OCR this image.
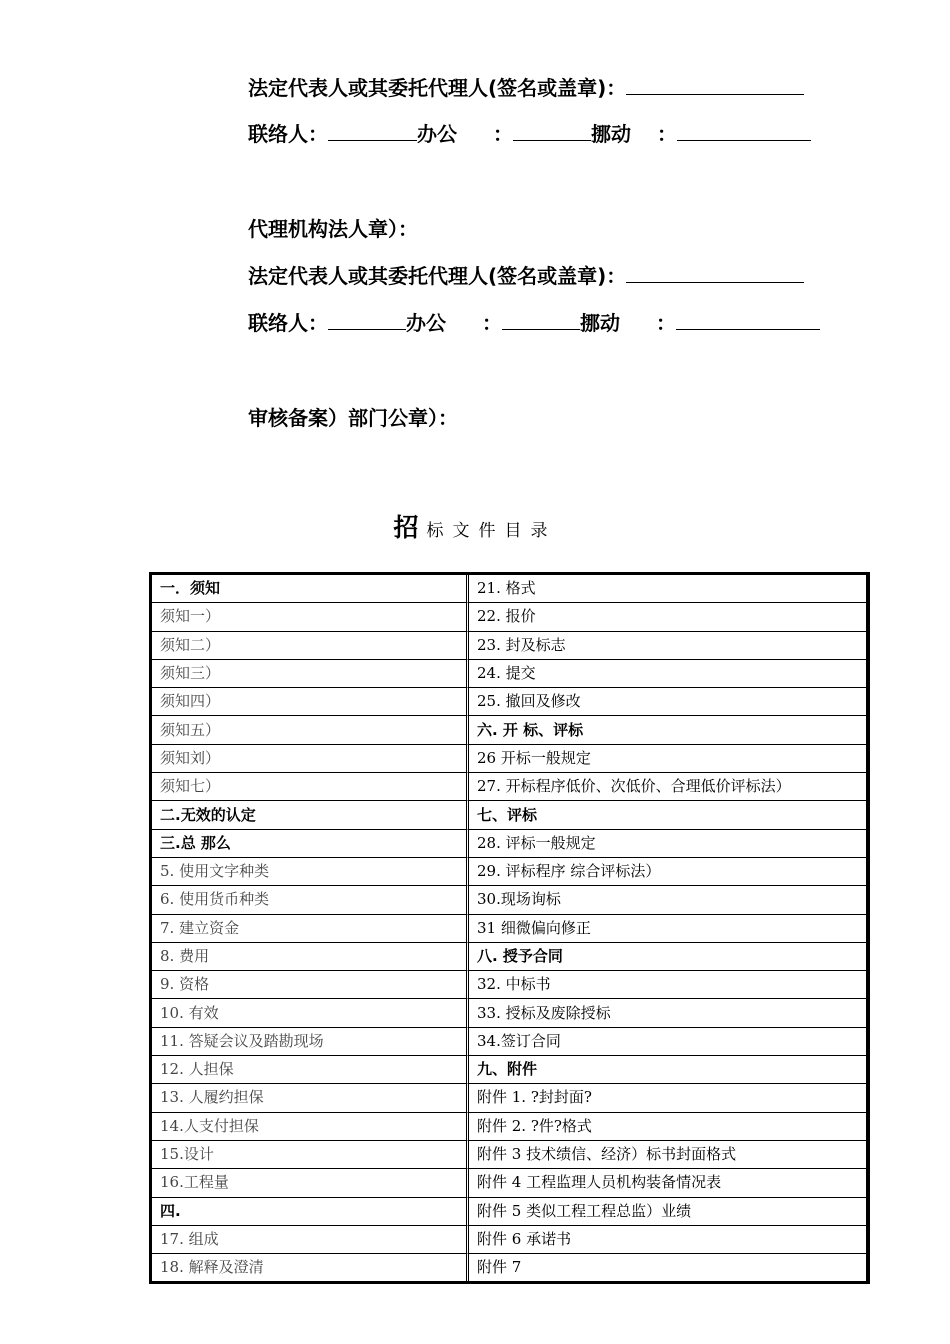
法定代表人或其委托代理人(签名或盖章)：
联络人：	办公 ：	挪动 ：
代理机构法人章）：
法定代表人或其委托代理人(签名或盖章)：
联络人：	办公 ：	挪动 ：
审核备案）部门公章）：
招 标文件目录
一．须知	21. 格式
须知一）	22. 报价
须知二）	23. 封及标志
须知三）	24. 提交
须知四）	25. 撤回及修改
须知五）	六. 开 标、评标
须知刘）	26 开标一般规定
须知七）	27. 开标程序低价、次低价、合理低价评标法）
二.无效的认定	七、评标
三.总 那么	28. 评标一般规定
5. 使用文字种类	29. 评标程序 综合评标法）
6. 使用货币种类	30.现场询标
7. 建立资金	31 细微偏向修正
8. 费用	八. 授予合同
9. 资格	32. 中标书
10. 有效	33. 授标及废除授标
11. 答疑会议及踏勘现场	34.签订合同
12. 人担保	九、附件
13. 人履约担保	附件 1. ?封封面?
14.人支付担保	附件 2. ?件?格式
15.设计	附件 3 技术绩信、经济）标书封面格式
16.工程量	附件 4 工程监理人员机构装备情况表
四.	附件 5 类似工程工程总监）业绩
17. 组成	附件 6 承诺书
18. 解释及澄清	附件 7
